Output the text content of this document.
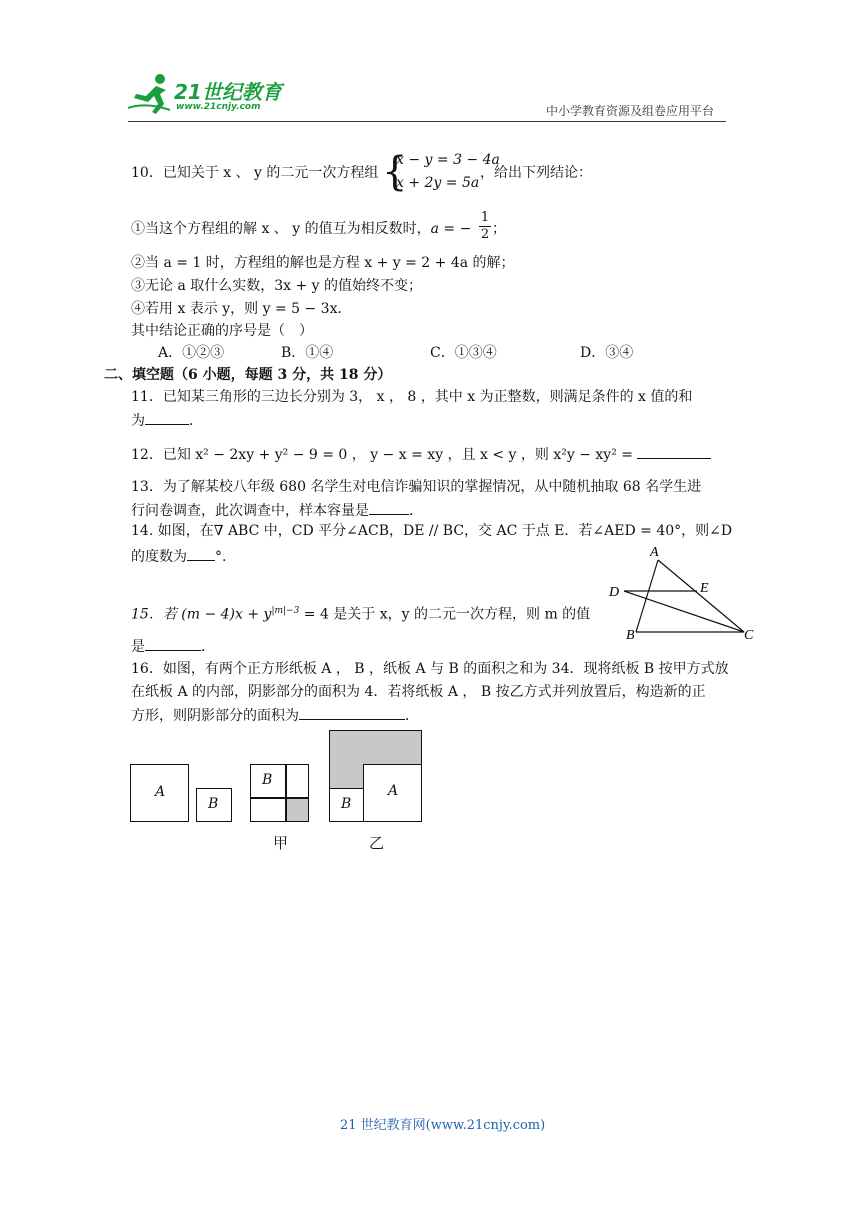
21世纪教育
www.21cnjy.com	中小学教育资源及组卷应用平台
10．已知关于 x 、 y 的二元一次方程组 {
x − y = 3 − 4a
x + 2y = 5a
，给出下列结论：
①当这个方程组的解 x 、 y 的值互为相反数时，a = −
1
2 ；
②当 a = 1 时，方程组的解也是方程 x + y = 2 + 4a 的解；
③无论 a 取什么实数，3x + y 的值始终不变；
④若用 x 表示 y，则 y = 5 − 3x．
其中结论正确的序号是（　）
A．①②③	B．①④	C．①③④	D．③④
二、填空题（6 小题，每题 3 分，共 18 分）
11．已知某三角形的三边长分别为 3， x ， 8 ，其中 x 为正整数，则满足条件的 x 值的和
为	．
12．已知 x² − 2xy + y² − 9 = 0 ， y − x = xy ，且 x < y ，则 x²y − xy² =
13．为了解某校八年级 680 名学生对电信诈骗知识的掌握情况，从中随机抽取 68 名学生进
行问卷调查，此次调查中，样本容量是	．
14. 如图，在∇ ABC 中，CD 平分∠ACB，DE // BC，交 AC 于点 E．若∠AED = 40°，则∠D
的度数为 °.	A
D	E
B	C
15．若 $(m - 4)x + y^{|m|-3} = 4$ 是关于 x，y 的二元一次方程，则 m 的值
是	．
16．如图，有两个正方形纸板 A ， B ，纸板 A 与 B 的面积之和为 34．现将纸板 B 按甲方式放
在纸板 A 的内部，阴影部分的面积为 4．若将纸板 A ， B 按乙方式并列放置后，构造新的正
方形，则阴影部分的面积为	．
A
B
B
甲
A
B
乙
21 世纪教育网(www.21cnjy.com)
